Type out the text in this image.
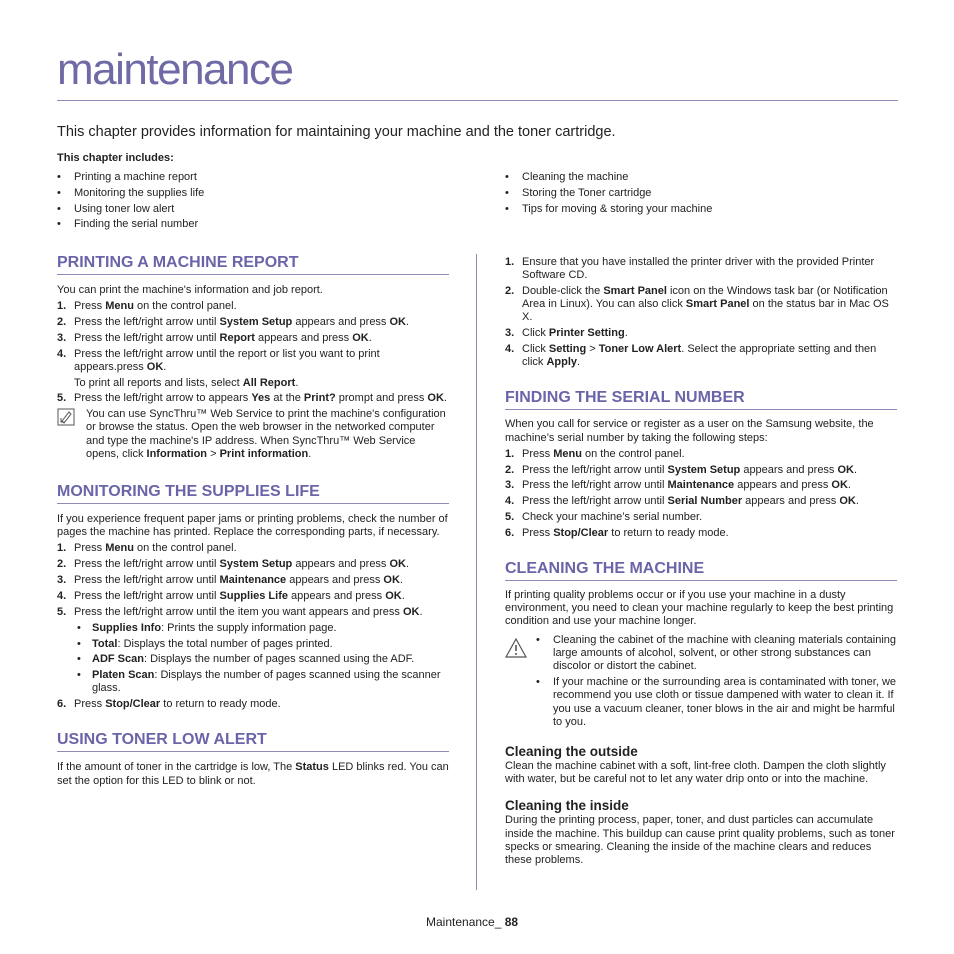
maintenance
This chapter provides information for maintaining your machine and the toner cartridge.
This chapter includes:
• Printing a machine report
• Monitoring the supplies life
• Using toner low alert
• Finding the serial number
• Cleaning the machine
• Storing the Toner cartridge
• Tips for moving & storing your machine
PRINTING A MACHINE REPORT

You can print the machine's information and job report.

1. Press Menu on the control panel.
2. Press the left/right arrow until System Setup appears and press OK.
3. Press the left/right arrow until Report appears and press OK.
4. Press the left/right arrow until the report or list you want to print appears.press OK.
To print all reports and lists, select All Report.
5. Press the left/right arrow to appears Yes at the Print? prompt and press OK.
You can use SyncThru™ Web Service to print the machine's configuration or browse the status. Open the web browser in the networked computer and type the machine's IP address. When SyncThru™ Web Service opens, click Information > Print information.
MONITORING THE SUPPLIES LIFE

If you experience frequent paper jams or printing problems, check the number of pages the machine has printed. Replace the corresponding parts, if necessary.

1. Press Menu on the control panel.
2. Press the left/right arrow until System Setup appears and press OK.
3. Press the left/right arrow until Maintenance appears and press OK.
4. Press the left/right arrow until Supplies Life appears and press OK.
5. Press the left/right arrow until the item you want appears and press OK.
• Supplies Info: Prints the supply information page.
• Total: Displays the total number of pages printed.
• ADF Scan: Displays the number of pages scanned using the ADF.
• Platen Scan: Displays the number of pages scanned using the scanner glass.
6. Press Stop/Clear to return to ready mode.
USING TONER LOW ALERT

If the amount of toner in the cartridge is low, The Status LED blinks red. You can set the option for this LED to blink or not.

1. Ensure that you have installed the printer driver with the provided Printer Software CD.
2. Double-click the Smart Panel icon on the Windows task bar (or Notification Area in Linux). You can also click Smart Panel on the status bar in Mac OS X.
3. Click Printer Setting.
4. Click Setting > Toner Low Alert. Select the appropriate setting and then click Apply.
FINDING THE SERIAL NUMBER

When you call for service or register as a user on the Samsung website, the machine’s serial number by taking the following steps:

1. Press Menu on the control panel.
2. Press the left/right arrow until System Setup appears and press OK.
3. Press the left/right arrow until Maintenance appears and press OK.
4. Press the left/right arrow until Serial Number appears and press OK.
5. Check your machine’s serial number.
6. Press Stop/Clear to return to ready mode.
CLEANING THE MACHINE

If printing quality problems occur or if you use your machine in a dusty environment, you need to clean your machine regularly to keep the best printing condition and use your machine longer.

• Cleaning the cabinet of the machine with cleaning materials containing large amounts of alcohol, solvent, or other strong substances can discolor or distort the cabinet.
• If your machine or the surrounding area is contaminated with toner, we recommend you use cloth or tissue dampened with water to clean it. If you use a vacuum cleaner, toner blows in the air and might be harmful to you.
Cleaning the outside

Clean the machine cabinet with a soft, lint-free cloth. Dampen the cloth slightly with water, but be careful not to let any water drip onto or into the machine.

Cleaning the inside

During the printing process, paper, toner, and dust particles can accumulate inside the machine. This buildup can cause print quality problems, such as toner specks or smearing. Cleaning the inside of the machine clears and reduces these problems.

Maintenance_ 88
